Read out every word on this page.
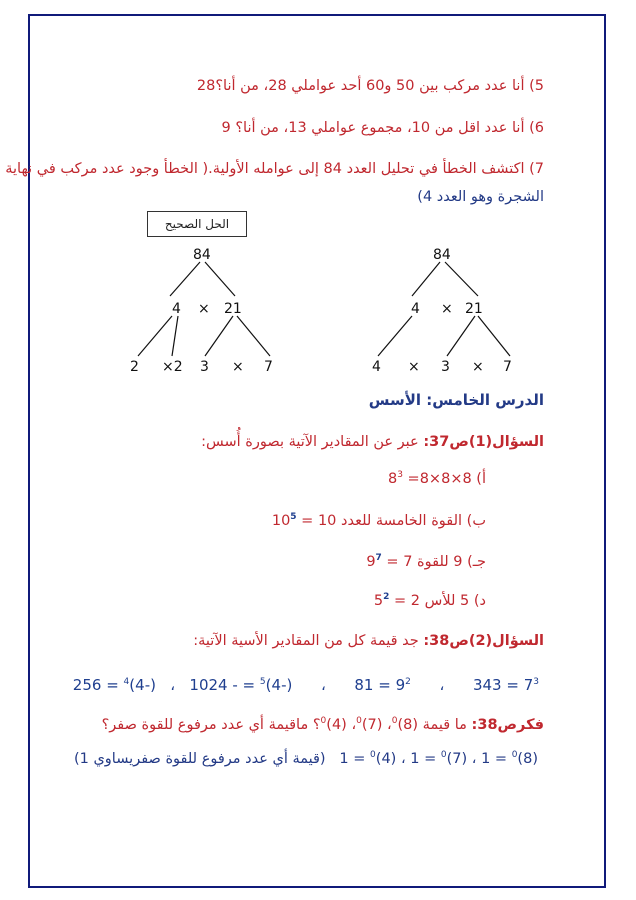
5) أنا عدد مركب بين 50 و60 أحد عواملي 28، من أنا؟28
6) أنا عدد اقل من 10، مجموع عواملي 13، من أنا؟ 9
7) اكتشف الخطأ في تحليل العدد 84 إلى عوامله الأولية.( الخطأ وجود عدد مركب في نهاية
الشجرة وهو العدد 4)
الحل الصحيح
84
4 × 21
2 ×2 3 × 7
84
4 × 21
4 × 3 × 7
الدرس الخامس: الأسس
السؤال(1)ص37: عبر عن المقادير الآتية بصورة أُسس:
أ) $8\times 8\times 8= 8^3$
ب) القوة الخامسة للعدد $10 = 10^5$
جـ) 9 للقوة $7 = 9^7$
د) 5 للأس $2 = 5^2$
السؤال(2)ص38: جد قيمة كل من المقادير الأسية الآتية:
$7^3 = 343$      ،      $9^2 = 81$      ،      $(-4)^5$ = - 1024   ،   $(-4)^4 = 256$
فكرص38: ما قيمة $(8)^0،$ $(7)^0،$ $(4)^0؟$ ماقيمة أي عدد مرفوع للقوة صفر؟
$(8)^0 = 1$ ، $(7)^0 = 1$ ، $(4)^0 = 1$   (قيمة أي عدد مرفوع للقوة صفريساوي 1)
